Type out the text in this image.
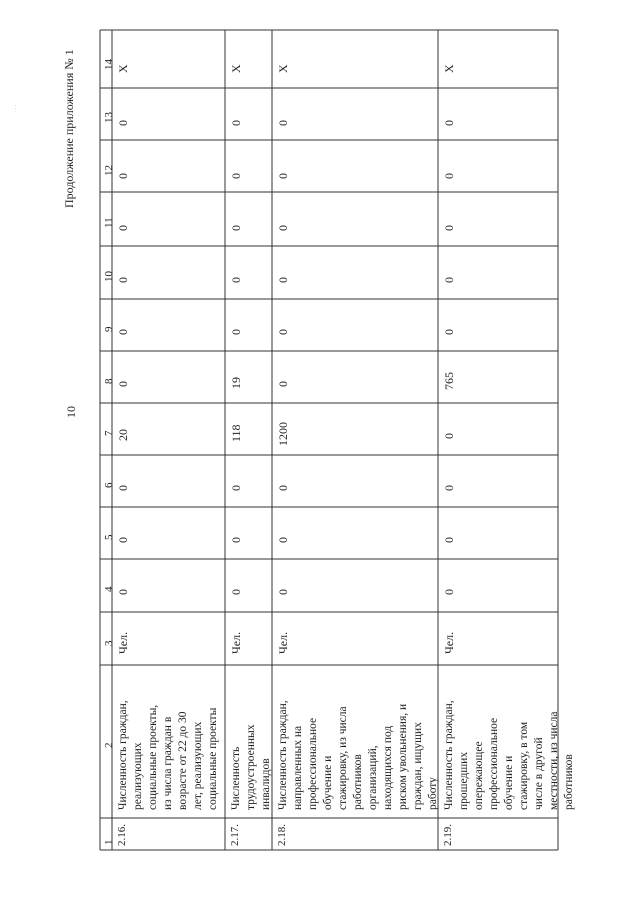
...
10
Продолжение приложения № 1
1
2
3
4
5
6
7
8
9
10
11
12
13
14
2.16.
Численность граждан, реализующих социальные проекты, из числа граждан в возрасте от 22 до 30 лет, реализующих социальные проекты
Чел.
0
0
0
20
0
0
0
0
0
0
X
2.17.
Численность трудоустроенных инвалидов
Чел.
0
0
0
118
19
0
0
0
0
0
X
2.18.
Численность граждан, направленных на профессиональное обучение и стажировку, из числа работников организаций, находящихся под риском увольнения, и граждан, ищущих работу
Чел.
0
0
0
1200
0
0
0
0
0
0
X
2.19.
Численность граждан, прошедших опережающее профессиональное обучение и стажировку, в том числе в другой местности, из числа работников
Чел.
0
0
0
0
765
0
0
0
0
0
X
